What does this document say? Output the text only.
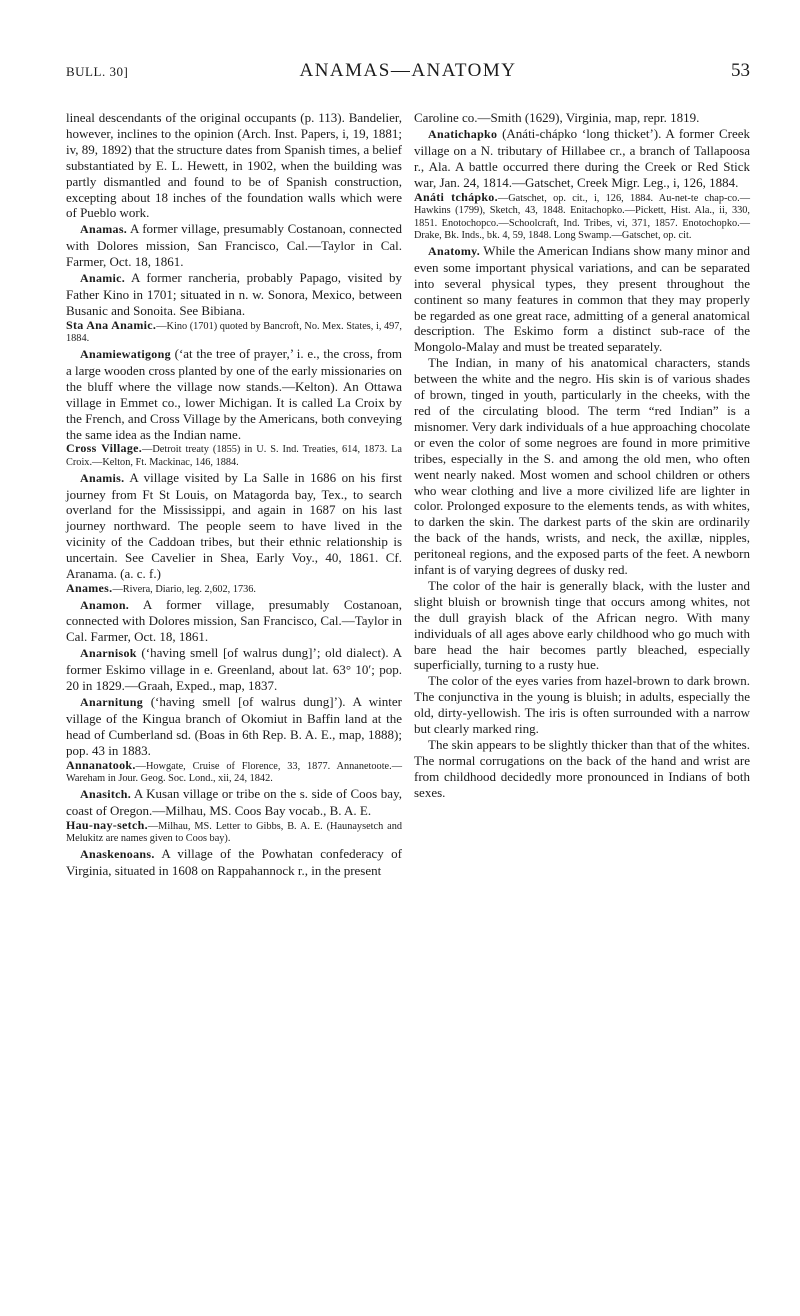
BULL. 30]	ANAMAS—ANATOMY	53

lineal descendants of the original occupants (p. 113). Bandelier, however, inclines to the opinion (Arch. Inst. Papers, i, 19, 1881; iv, 89, 1892) that the structure dates from Spanish times, a belief substantiated by E. L. Hewett, in 1902, when the building was partly dismantled and found to be of Spanish construction, excepting about 18 inches of the foundation walls which were of Pueblo work.

Anamas. A former village, presumably Costanoan, connected with Dolores mission, San Francisco, Cal.—Taylor in Cal. Farmer, Oct. 18, 1861.

Anamic. A former rancheria, probably Papago, visited by Father Kino in 1701; situated in n. w. Sonora, Mexico, between Busanic and Sonoita. See Bibiana.

Sta Ana Anamic.—Kino (1701) quoted by Bancroft, No. Mex. States, i, 497, 1884.

Anamiewatigong (‘at the tree of prayer,’ i. e., the cross, from a large wooden cross planted by one of the early missionaries on the bluff where the village now stands.—Kelton). An Ottawa village in Emmet co., lower Michigan. It is called La Croix by the French, and Cross Village by the Americans, both conveying the same idea as the Indian name.

Cross Village.—Detroit treaty (1855) in U. S. Ind. Treaties, 614, 1873. La Croix.—Kelton, Ft. Mackinac, 146, 1884.

Anamis. A village visited by La Salle in 1686 on his first journey from Ft St Louis, on Matagorda bay, Tex., to search overland for the Mississippi, and again in 1687 on his last journey northward. The people seem to have lived in the vicinity of the Caddoan tribes, but their ethnic relationship is uncertain. See Cavelier in Shea, Early Voy., 40, 1861. Cf. Aranama. (a. c. f.)

Anames.—Rivera, Diario, leg. 2,602, 1736.

Anamon. A former village, presumably Costanoan, connected with Dolores mission, San Francisco, Cal.—Taylor in Cal. Farmer, Oct. 18, 1861.

Anarnisok (‘having smell [of walrus dung]’; old dialect). A former Eskimo village in e. Greenland, about lat. 63° 10′; pop. 20 in 1829.—Graah, Exped., map, 1837.

Anarnitung (‘having smell [of walrus dung]’). A winter village of the Kingua branch of Okomiut in Baffin land at the head of Cumberland sd. (Boas in 6th Rep. B. A. E., map, 1888); pop. 43 in 1883.

Annanatook.—Howgate, Cruise of Florence, 33, 1877. Annanetoote.—Wareham in Jour. Geog. Soc. Lond., xii, 24, 1842.

Anasitch. A Kusan village or tribe on the s. side of Coos bay, coast of Oregon.—Milhau, MS. Coos Bay vocab., B. A. E.

Hau-nay-setch.—Milhau, MS. Letter to Gibbs, B. A. E. (Haunaysetch and Melukitz are names given to Coos bay).

Anaskenoans. A village of the Powhatan confederacy of Virginia, situated in 1608 on Rappahannock r., in the present

Caroline co.—Smith (1629), Virginia, map, repr. 1819.

Anatichapko (Anáti-chápko ‘long thicket’). A former Creek village on a N. tributary of Hillabee cr., a branch of Tallapoosa r., Ala. A battle occurred there during the Creek or Red Stick war, Jan. 24, 1814.—Gatschet, Creek Migr. Leg., i, 126, 1884.

Anáti tchápko.—Gatschet, op. cit., i, 126, 1884. Au-net-te chap-co.—Hawkins (1799), Sketch, 43, 1848. Enitachopko.—Pickett, Hist. Ala., ii, 330, 1851. Enotochopco.—Schoolcraft, Ind. Tribes, vi, 371, 1857. Enotochopko.—Drake, Bk. Inds., bk. 4, 59, 1848. Long Swamp.—Gatschet, op. cit.

Anatomy. While the American Indians show many minor and even some important physical variations, and can be separated into several physical types, they present throughout the continent so many features in common that they may properly be regarded as one great race, admitting of a general anatomical description. The Eskimo form a distinct sub-race of the Mongolo-Malay and must be treated separately.

The Indian, in many of his anatomical characters, stands between the white and the negro. His skin is of various shades of brown, tinged in youth, particularly in the cheeks, with the red of the circulating blood. The term “red Indian” is a misnomer. Very dark individuals of a hue approaching chocolate or even the color of some negroes are found in more primitive tribes, especially in the S. and among the old men, who often went nearly naked. Most women and school children or others who wear clothing and live a more civilized life are lighter in color. Prolonged exposure to the elements tends, as with whites, to darken the skin. The darkest parts of the skin are ordinarily the back of the hands, wrists, and neck, the axillæ, nipples, peritoneal regions, and the exposed parts of the feet. A newborn infant is of varying degrees of dusky red.

The color of the hair is generally black, with the luster and slight bluish or brownish tinge that occurs among whites, not the dull grayish black of the African negro. With many individuals of all ages above early childhood who go much with bare head the hair becomes partly bleached, especially superficially, turning to a rusty hue.

The color of the eyes varies from hazel-brown to dark brown. The conjunctiva in the young is bluish; in adults, especially the old, dirty-yellowish. The iris is often surrounded with a narrow but clearly marked ring.

The skin appears to be slightly thicker than that of the whites. The normal corrugations on the back of the hand and wrist are from childhood decidedly more pronounced in Indians of both sexes.
